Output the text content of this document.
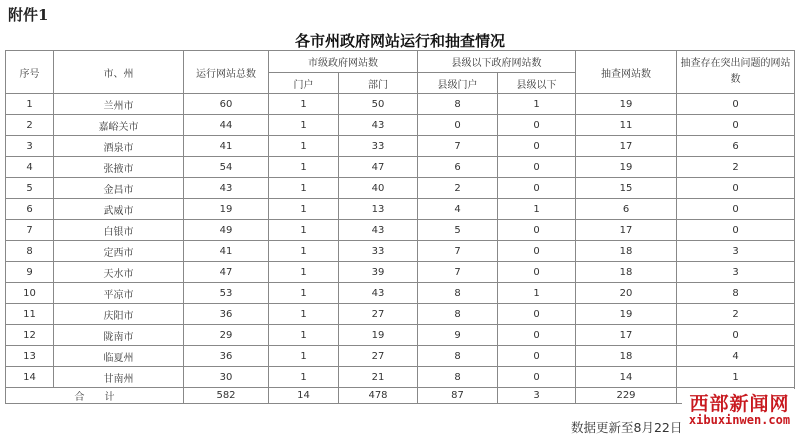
附件1
各市州政府网站运行和抽查情况
序号	市、州	运行网站总数	市级政府网站数		县级以下政府网站数		抽查网站数	抽查存在突出问题的网站数
			门户	部门	县级门户	县级以下		
1	兰州市	60	1	50	8	1	19	0
2	嘉峪关市	44	1	43	0	0	11	0
3	酒泉市	41	1	33	7	0	17	6
4	张掖市	54	1	47	6	0	19	2
5	金昌市	43	1	40	2	0	15	0
6	武威市	19	1	13	4	1	6	0
7	白银市	49	1	43	5	0	17	0
8	定西市	41	1	33	7	0	18	3
9	天水市	47	1	39	7	0	18	3
10	平凉市	53	1	43	8	1	20	8
11	庆阳市	36	1	27	8	0	19	2
12	陇南市	29	1	19	9	0	17	0
13	临夏州	36	1	27	8	0	18	4
14	甘南州	30	1	21	8	0	14	1
合　　计		582	14	478	87	3	229	
数据更新至8月22日
西部新闻网
xibuxinwen.com
